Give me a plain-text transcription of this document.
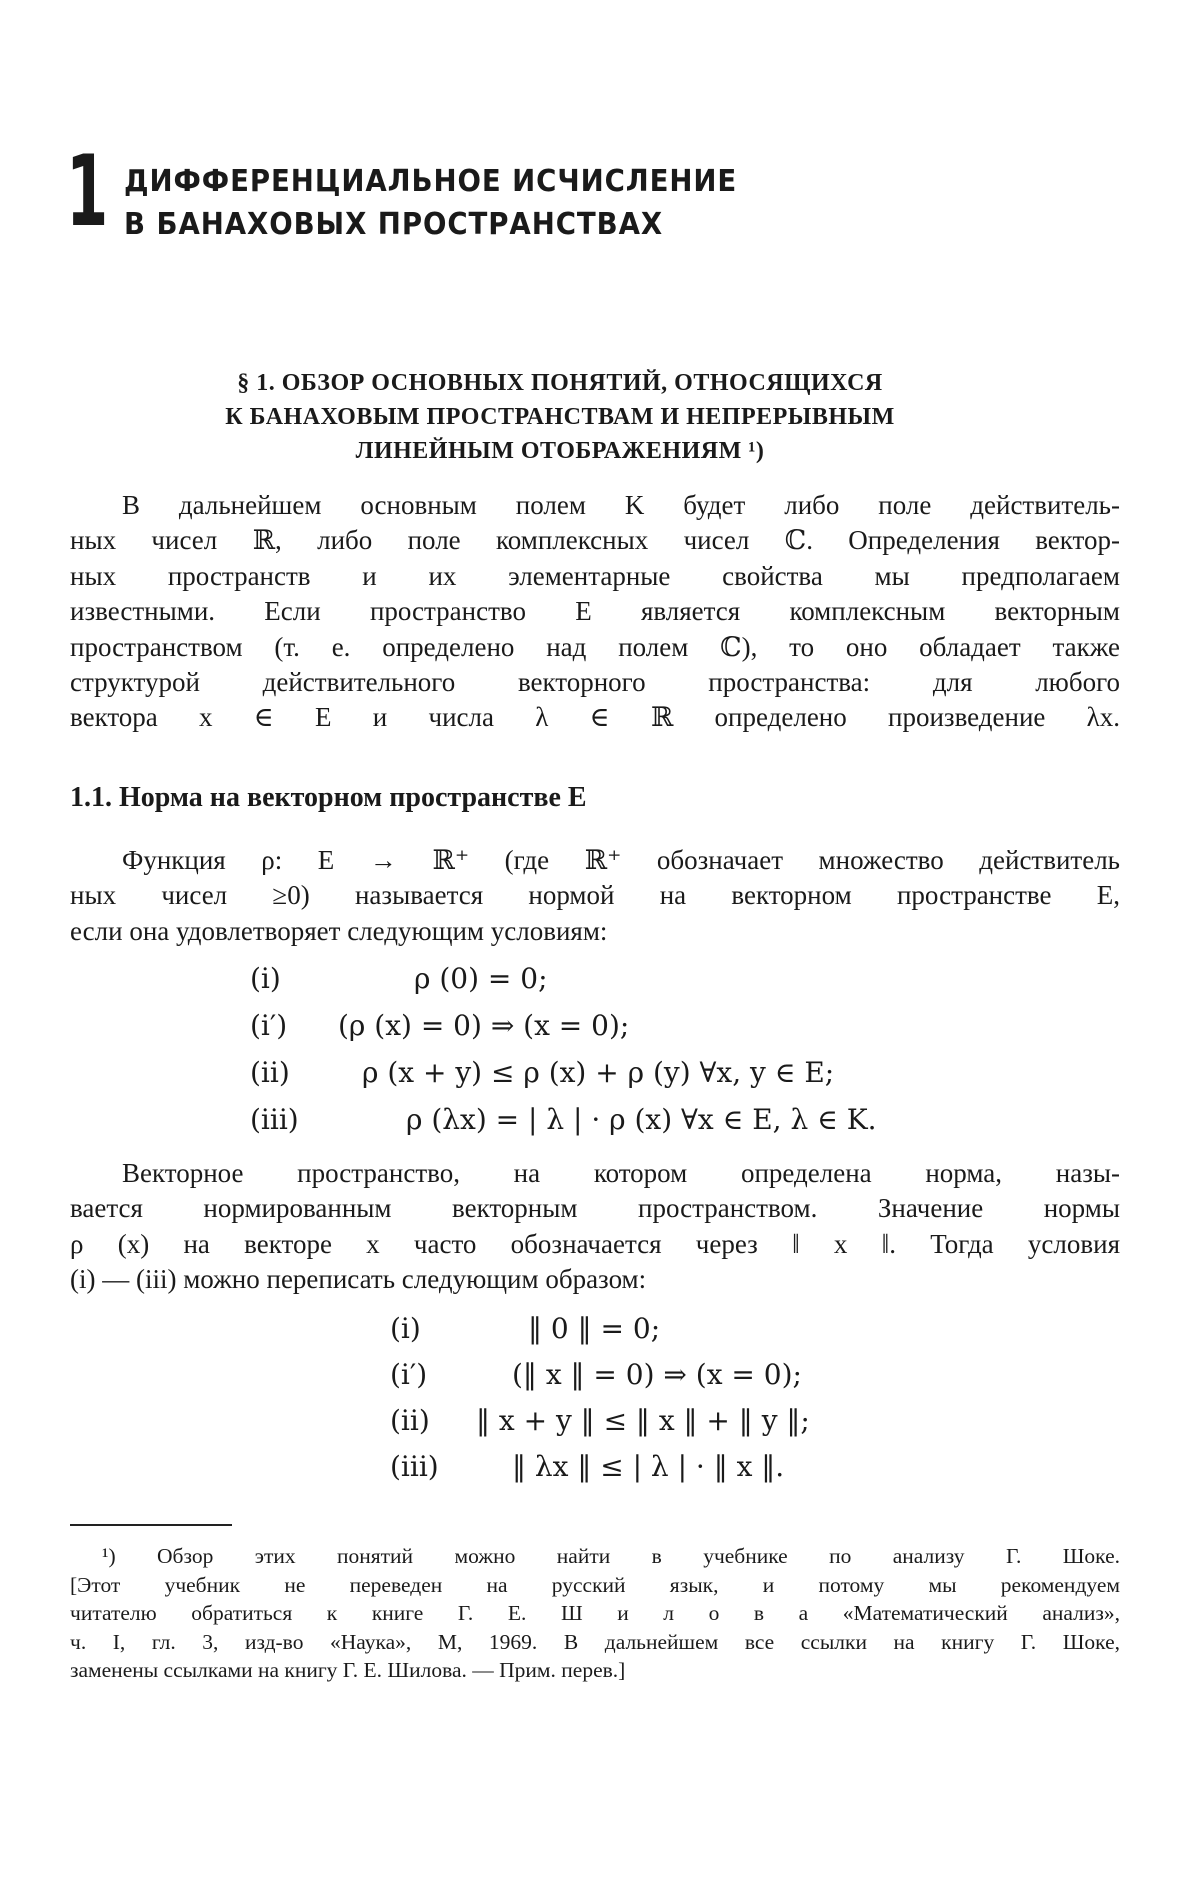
1 ДИФФЕРЕНЦИАЛЬНОЕ ИСЧИСЛЕНИЕ
В БАНАХОВЫХ ПРОСТРАНСТВАХ
§ 1. ОБЗОР ОСНОВНЫХ ПОНЯТИЙ, ОТНОСЯЩИХСЯ
К БАНАХОВЫМ ПРОСТРАНСТВАМ И НЕПРЕРЫВНЫМ
ЛИНЕЙНЫМ ОТОБРАЖЕНИЯМ ¹)
В дальнейшем основным полем K будет либо поле действитель-
ных чисел ℝ, либо поле комплексных чисел ℂ. Определения вектор-
ных пространств и их элементарные свойства мы предполагаем
известными. Если пространство E является комплексным векторным
пространством (т. е. определено над полем ℂ), то оно обладает также
структурой действительного векторного пространства: для любого
вектора x ∈ E и числа λ ∈ ℝ определено произведение λx.
1.1. Норма на векторном пространстве E
Функция ρ: E → ℝ⁺ (где ℝ⁺ обозначает множество действитель
ных чисел ≥0) называется нормой на векторном пространстве E,
если она удовлетворяет следующим условиям:
(i)	ρ (0) = 0;
(i′) (ρ (x) = 0) ⇒ (x = 0);
(ii)	ρ (x + y) ≤ ρ (x) + ρ (y) ∀x, y ∈ E;
(iii)	ρ (λx) = | λ | · ρ (x) ∀x ∈ E, λ ∈ K.
Векторное пространство, на котором определена норма, назы-
вается нормированным векторным пространством. Значение нормы
ρ (x) на векторе x часто обозначается через ‖ x ‖. Тогда условия
(i) — (iii) можно переписать следующим образом:
(i)	‖ 0 ‖ = 0;
(i′)	(‖ x ‖ = 0) ⇒ (x = 0);
(ii) ‖ x + y ‖ ≤ ‖ x ‖ + ‖ y ‖;
(iii)	‖ λx ‖ ≤ | λ | · ‖ x ‖.
¹) Обзор этих понятий можно найти в учебнике по анализу Г. Шоке.
[Этот учебник не переведен на русский язык, и потому мы рекомендуем
читателю обратиться к книге Г. Е. Ш и л о в а «Математический анализ»,
ч. I, гл. 3, изд-во «Наука», М, 1969. В дальнейшем все ссылки на книгу Г. Шоке,
заменены ссылками на книгу Г. Е. Шилова. — Прим. перев.]
